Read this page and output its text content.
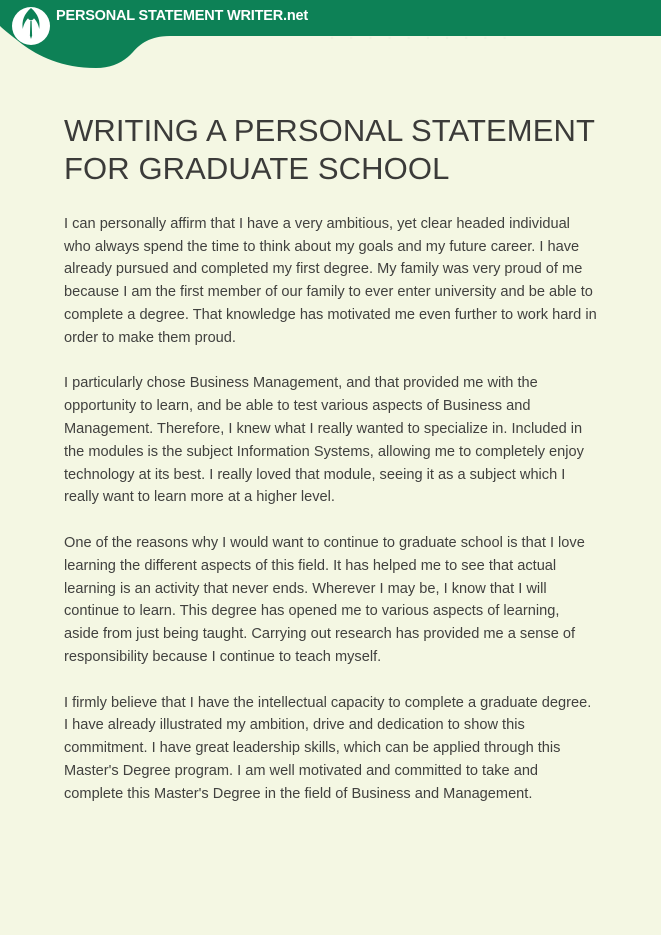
PERSONAL STATEMENT WRITER.net
· · · · · · · · · ·
WRITING A PERSONAL STATEMENT FOR GRADUATE SCHOOL

I can personally affirm that I have a very ambitious, yet clear headed individual who always spend the time to think about my goals and my future career. I have already pursued and completed my first degree. My family was very proud of me because I am the first member of our family to ever enter university and be able to complete a degree. That knowledge has motivated me even further to work hard in order to make them proud.

I particularly chose Business Management, and that provided me with the opportunity to learn, and be able to test various aspects of Business and Management. Therefore, I knew what I really wanted to specialize in. Included in the modules is the subject Information Systems, allowing me to completely enjoy technology at its best. I really loved that module, seeing it as a subject which I really want to learn more at a higher level.

One of the reasons why I would want to continue to graduate school is that I love learning the different aspects of this field. It has helped me to see that actual learning is an activity that never ends. Wherever I may be, I know that I will continue to learn. This degree has opened me to various aspects of learning, aside from just being taught. Carrying out research has provided me a sense of responsibility because I continue to teach myself.

I firmly believe that I have the intellectual capacity to complete a graduate degree. I have already illustrated my ambition, drive and dedication to show this commitment. I have great leadership skills, which can be applied through this Master's Degree program. I am well motivated and committed to take and complete this Master's Degree in the field of Business and Management.
